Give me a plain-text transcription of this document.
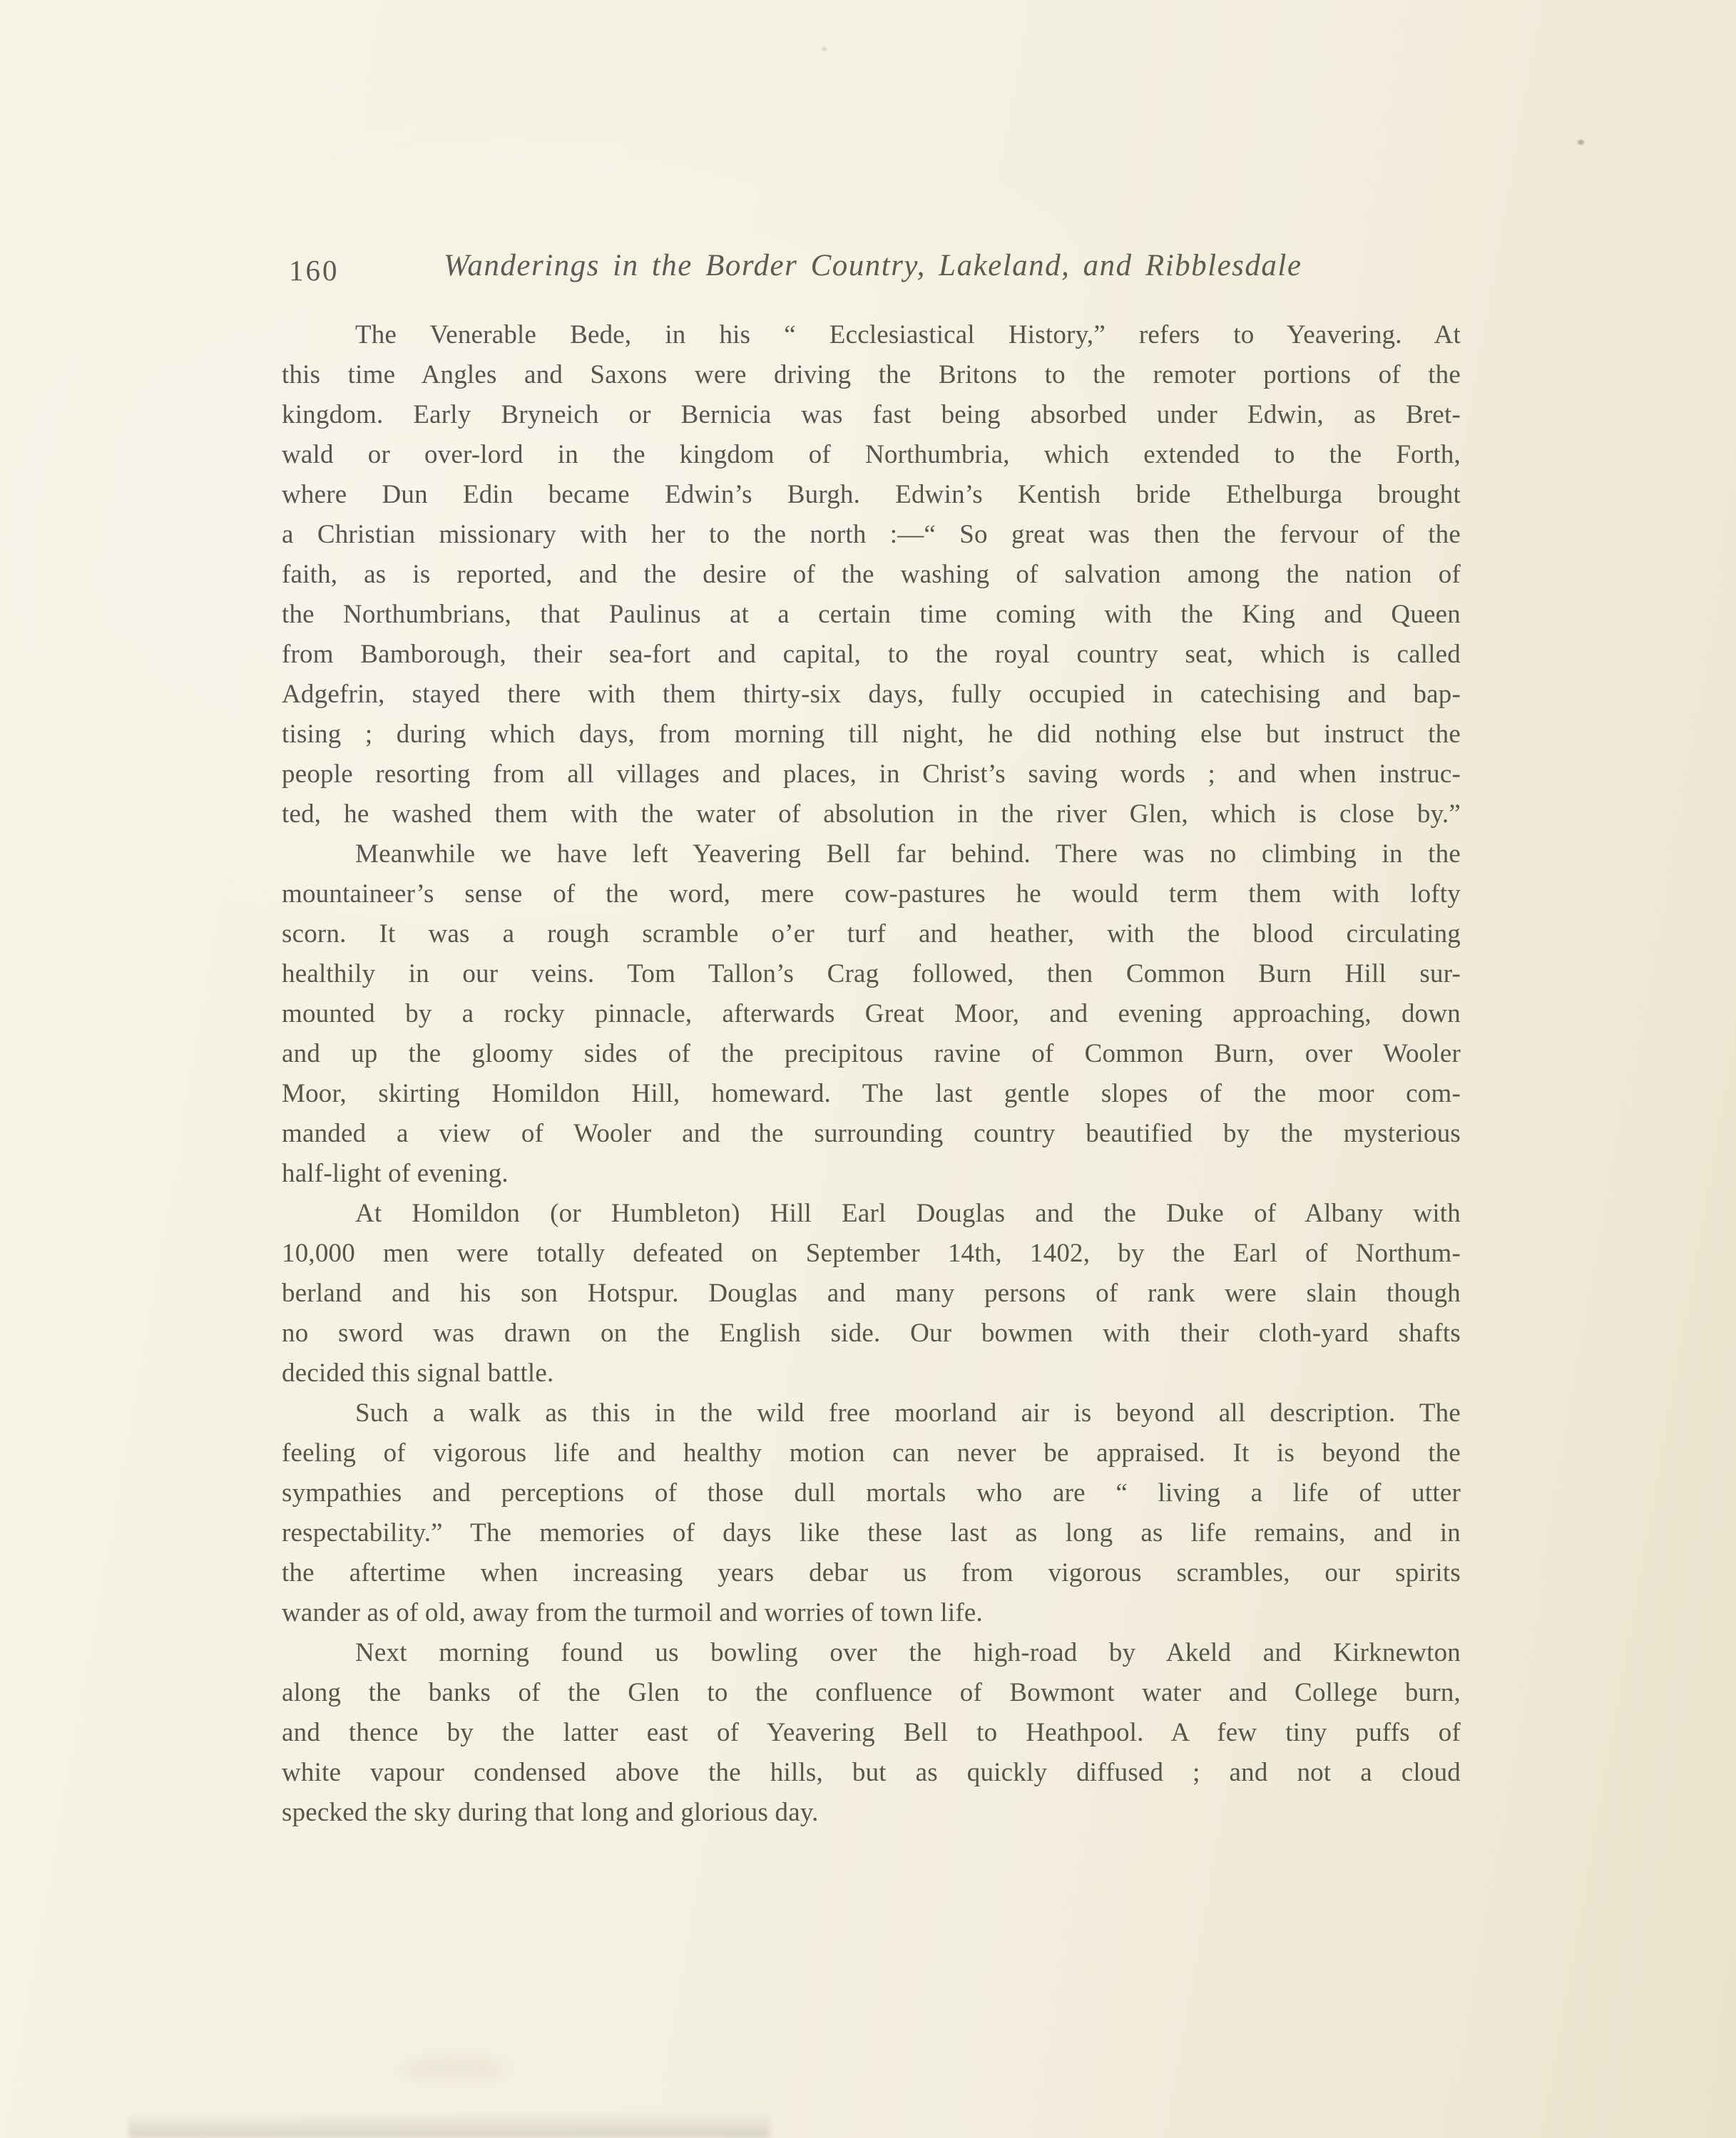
160	Wanderings in the Border Country, Lakeland, and Ribblesdale
The Venerable Bede, in his “ Ecclesiastical History,” refers to Yeavering. At
this time Angles and Saxons were driving the Britons to the remoter portions of the
kingdom. Early Bryneich or Bernicia was fast being absorbed under Edwin, as Bret-
wald or over-lord in the kingdom of Northumbria, which extended to the Forth,
where Dun Edin became Edwin’s Burgh. Edwin’s Kentish bride Ethelburga brought
a Christian missionary with her to the north :—“ So great was then the fervour of the
faith, as is reported, and the desire of the washing of salvation among the nation of
the Northumbrians, that Paulinus at a certain time coming with the King and Queen
from Bamborough, their sea-fort and capital, to the royal country seat, which is called
Adgefrin, stayed there with them thirty-six days, fully occupied in catechising and bap-
tising ; during which days, from morning till night, he did nothing else but instruct the
people resorting from all villages and places, in Christ’s saving words ; and when instruc-
ted, he washed them with the water of absolution in the river Glen, which is close by.”
Meanwhile we have left Yeavering Bell far behind. There was no climbing in the
mountaineer’s sense of the word, mere cow-pastures he would term them with lofty
scorn. It was a rough scramble o’er turf and heather, with the blood circulating
healthily in our veins. Tom Tallon’s Crag followed, then Common Burn Hill sur-
mounted by a rocky pinnacle, afterwards Great Moor, and evening approaching, down
and up the gloomy sides of the precipitous ravine of Common Burn, over Wooler
Moor, skirting Homildon Hill, homeward. The last gentle slopes of the moor com-
manded a view of Wooler and the surrounding country beautified by the mysterious
half-light of evening.
At Homildon (or Humbleton) Hill Earl Douglas and the Duke of Albany with
10,000 men were totally defeated on September 14th, 1402, by the Earl of Northum-
berland and his son Hotspur. Douglas and many persons of rank were slain though
no sword was drawn on the English side. Our bowmen with their cloth-yard shafts
decided this signal battle.
Such a walk as this in the wild free moorland air is beyond all description. The
feeling of vigorous life and healthy motion can never be appraised. It is beyond the
sympathies and perceptions of those dull mortals who are “ living a life of utter
respectability.” The memories of days like these last as long as life remains, and in
the aftertime when increasing years debar us from vigorous scrambles, our spirits
wander as of old, away from the turmoil and worries of town life.
Next morning found us bowling over the high-road by Akeld and Kirknewton
along the banks of the Glen to the confluence of Bowmont water and College burn,
and thence by the latter east of Yeavering Bell to Heathpool. A few tiny puffs of
white vapour condensed above the hills, but as quickly diffused ; and not a cloud
specked the sky during that long and glorious day.
